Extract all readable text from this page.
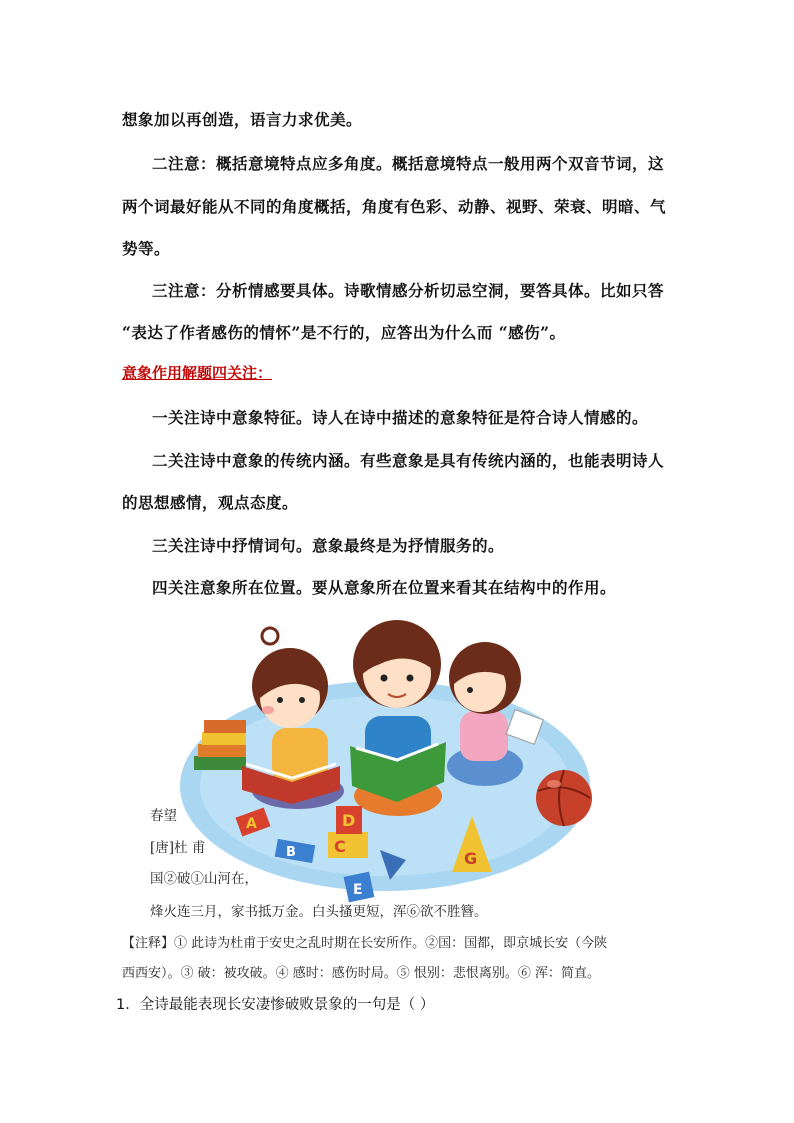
想象加以再创造，语言力求优美。
二注意：概括意境特点应多角度。概括意境特点一般用两个双音节词，这
两个词最好能从不同的角度概括，角度有色彩、动静、视野、荣衰、明暗、气
势等。
三注意：分析情感要具体。诗歌情感分析切忌空洞，要答具体。比如只答
“表达了作者感伤的情怀”是不行的，应答出为什么而 “感伤”。
意象作用解题四关注：
一关注诗中意象特征。诗人在诗中描述的意象特征是符合诗人情感的。
二关注诗中意象的传统内涵。有些意象是具有传统内涵的，也能表明诗人
的思想感情，观点态度。
三关注诗中抒情词句。意象最终是为抒情服务的。
四关注意象所在位置。要从意象所在位置来看其在结构中的作用。
春望
[唐]杜 甫
国②破①山河在，
烽火连三月，家书抵万金。白头搔更短，浑⑥欲不胜簪。
A
B C
D
E
G
【注释】① 此诗为杜甫于安史之乱时期在长安所作。②国：国都，即京城长安（今陕
西西安）。③ 破：被攻破。④ 感时：感伤时局。⑤ 恨别：悲恨离别。⑥ 浑：简直。
1．全诗最能表现长安凄惨破败景象的一句是（ ）
